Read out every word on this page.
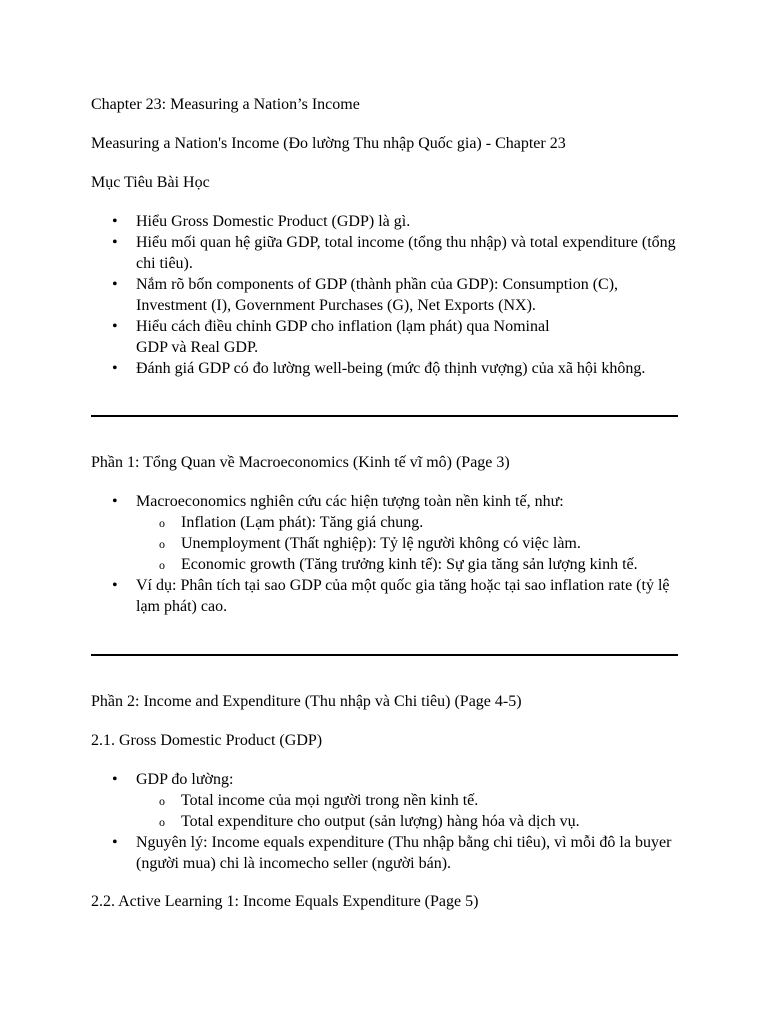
Chapter 23: Measuring a Nation’s Income

Measuring a Nation's Income (Đo lường Thu nhập Quốc gia) - Chapter 23

Mục Tiêu Bài Học

• Hiểu Gross Domestic Product (GDP) là gì.
• Hiểu mối quan hệ giữa GDP, total income (tổng thu nhập) và total expenditure (tổng chi tiêu).
• Nắm rõ bốn components of GDP (thành phần của GDP): Consumption (C), Investment (I), Government Purchases (G), Net Exports (NX).
• Hiểu cách điều chỉnh GDP cho inflation (lạm phát) qua Nominal GDP và Real GDP.
• Đánh giá GDP có đo lường well-being (mức độ thịnh vượng) của xã hội không.

Phần 1: Tổng Quan về Macroeconomics (Kinh tế vĩ mô) (Page 3)

• Macroeconomics nghiên cứu các hiện tượng toàn nền kinh tế, như:
o Inflation (Lạm phát): Tăng giá chung.
o Unemployment (Thất nghiệp): Tỷ lệ người không có việc làm.
o Economic growth (Tăng trưởng kinh tế): Sự gia tăng sản lượng kinh tế.
• Ví dụ: Phân tích tại sao GDP của một quốc gia tăng hoặc tại sao inflation rate (tỷ lệ lạm phát) cao.

Phần 2: Income and Expenditure (Thu nhập và Chi tiêu) (Page 4-5)

2.1. Gross Domestic Product (GDP)

• GDP đo lường:
o Total income của mọi người trong nền kinh tế.
o Total expenditure cho output (sản lượng) hàng hóa và dịch vụ.
• Nguyên lý: Income equals expenditure (Thu nhập bằng chi tiêu), vì mỗi đô la buyer (người mua) chi là incomecho seller (người bán).

2.2. Active Learning 1: Income Equals Expenditure (Page 5)
